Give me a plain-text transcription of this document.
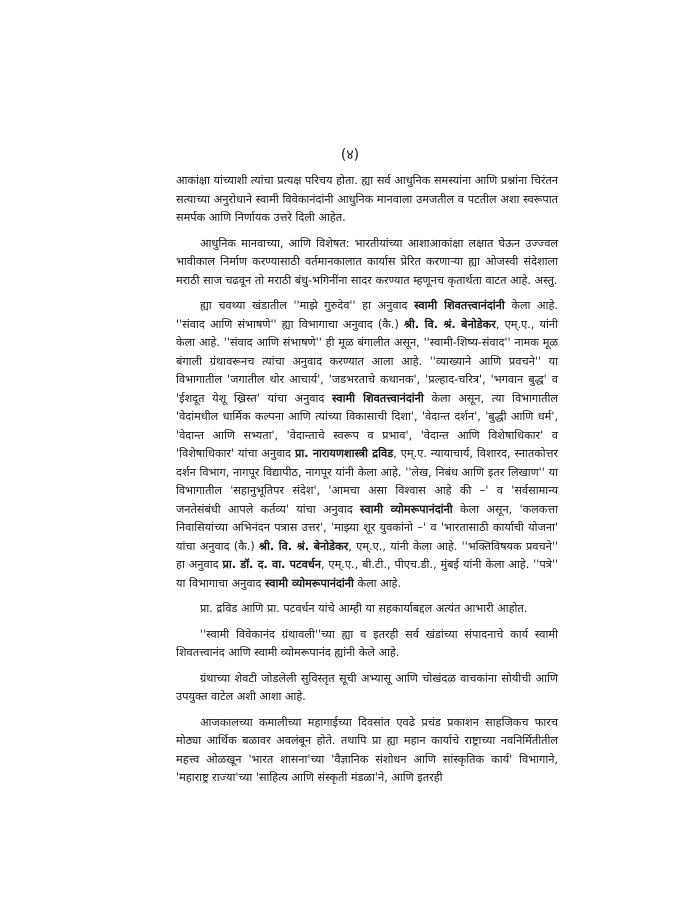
(४)

आकांक्षा यांच्याशी त्यांचा प्रत्यक्ष परिचय होता. ह्या सर्व आधुनिक समस्यांना आणि प्रश्नांना चिरंतन सत्याच्या अनुरोधाने स्वामी विवेकानंदांनी आधुनिक मानवाला उमजतील व पटतील अशा स्वरूपात समर्पक आणि निर्णायक उत्तरे दिली आहेत.

आधुनिक मानवाच्या, आणि विशेषत: भारतीयांच्या आशाआकांक्षा लक्षात घेऊन उज्ज्वल भावीकाल निर्माण करण्यासाठी वर्तमानकालात कार्यास प्रेरित करणाऱ्या ह्या ओजस्वी संदेशाला मराठी साज चढवून तो मराठी बंधु-भगिनींना सादर करण्यात म्हणूनच कृतार्थता वाटत आहे. अस्तु.

ह्या चवथ्या खंडातील ''माझे गुरुदेव'' हा अनुवाद स्वामी शिवतत्त्वानंदांनी केला आहे. ''संवाद आणि संभाषणे'' ह्या विभागाचा अनुवाद (कै.) श्री. वि. श्रं. बेनोडेकर, एम्‌.ए., यांनी केला आहे. ''संवाद आणि संभाषणे'' ही मूळ बंगालीत असून, ''स्वामी-शिष्य-संवाद'' नामक मूळ बंगाली ग्रंथावरूनच त्यांचा अनुवाद करण्यात आला आहे. ''व्याख्याने आणि प्रवचने'' या विभागातील 'जगातील थोर आचार्य', 'जडभरताचे कथानक', 'प्रल्हाद-चरित्र', 'भगवान बुद्ध' व 'ईशदूत येशू ख्रिस्त' यांचा अनुवाद स्वामी शिवतत्त्वानंदांनी केला असून, त्या विभागातील 'वेदांमधील धार्मिक कल्पना आणि त्यांच्या विकासाची दिशा', 'वेदान्त दर्शन', 'बुद्धी आणि धर्म', 'वेदान्त आणि सभ्यता', 'वेदान्ताचे स्वरूप व प्रभाव', 'वेदान्त आणि विशेषाधिकार' व 'विशेषाधिकार' यांचा अनुवाद प्रा. नारायणशास्त्री द्रविड, एम्‌.ए. न्यायाचार्य, विशारद, स्नातकोत्तर दर्शन विभाग, नागपूर विद्यापीठ, नागपूर यांनी केला आहे. ''लेख, निबंध आणि इतर लिखाण'' या विभागातील 'सहानुभूतिपर संदेश', 'आमचा असा विश्वास आहे की –' व 'सर्वसामान्य जनतेसंबंधी आपले कर्तव्य' यांचा अनुवाद स्वामी व्योमरूपानंदांनी केला असून, 'कलकत्ता निवासियांच्या अभिनंदन पत्रास उत्तर', 'माझ्या शूर युवकांनो –' व 'भारतासाठी कार्याची योजना' यांचा अनुवाद (कै.) श्री. वि. श्रं. बेनोडेकर, एम्‌.ए., यांनी केला आहे. ''भक्तिविषयक प्रवचने'' हा अनुवाद प्रा. डॉ. द. वा. पटवर्धन, एम्‌.ए., बी.टी., पीएच.डी., मुंबई यांनी केला आहे. ''पत्रे'' या विभागाचा अनुवाद स्वामी व्योमरूपानंदांनी केला आहे.

प्रा. द्रविड आणि प्रा. पटवर्धन यांचे आम्ही या सहकार्याबद्दल अत्यंत आभारी आहोत.

''स्वामी विवेकानंद ग्रंथावली''च्या ह्या व इतरही सर्व खंडांच्या संपादनाचे कार्य स्वामी शिवतत्त्वानंद आणि स्वामी व्योमरूपानंद ह्यांनी केले आहे.

ग्रंथाच्या शेवटी जोडलेली सुविस्तृत सूची अभ्यासू आणि चोखंदळ वाचकांना सोयीची आणि उपयुक्त वाटेल अशी आशा आहे.

आजकालच्या कमालीच्या महागाईच्या दिवसांत एवढे प्रचंड प्रकाशन साहजिकच फारच मोठ्या आर्थिक बळावर अवलंबून होते. तथापि प्रा ह्या महान कार्याचे राष्ट्राच्या नवनिर्मितीतील महत्त्व ओळखून 'भारत शासना'च्या 'वैज्ञानिक संशोधन आणि सांस्कृतिक कार्य' विभागाने, 'महाराष्ट्र राज्या'च्या 'साहित्य आणि संस्कृती मंडळा'ने, आणि इतरही
